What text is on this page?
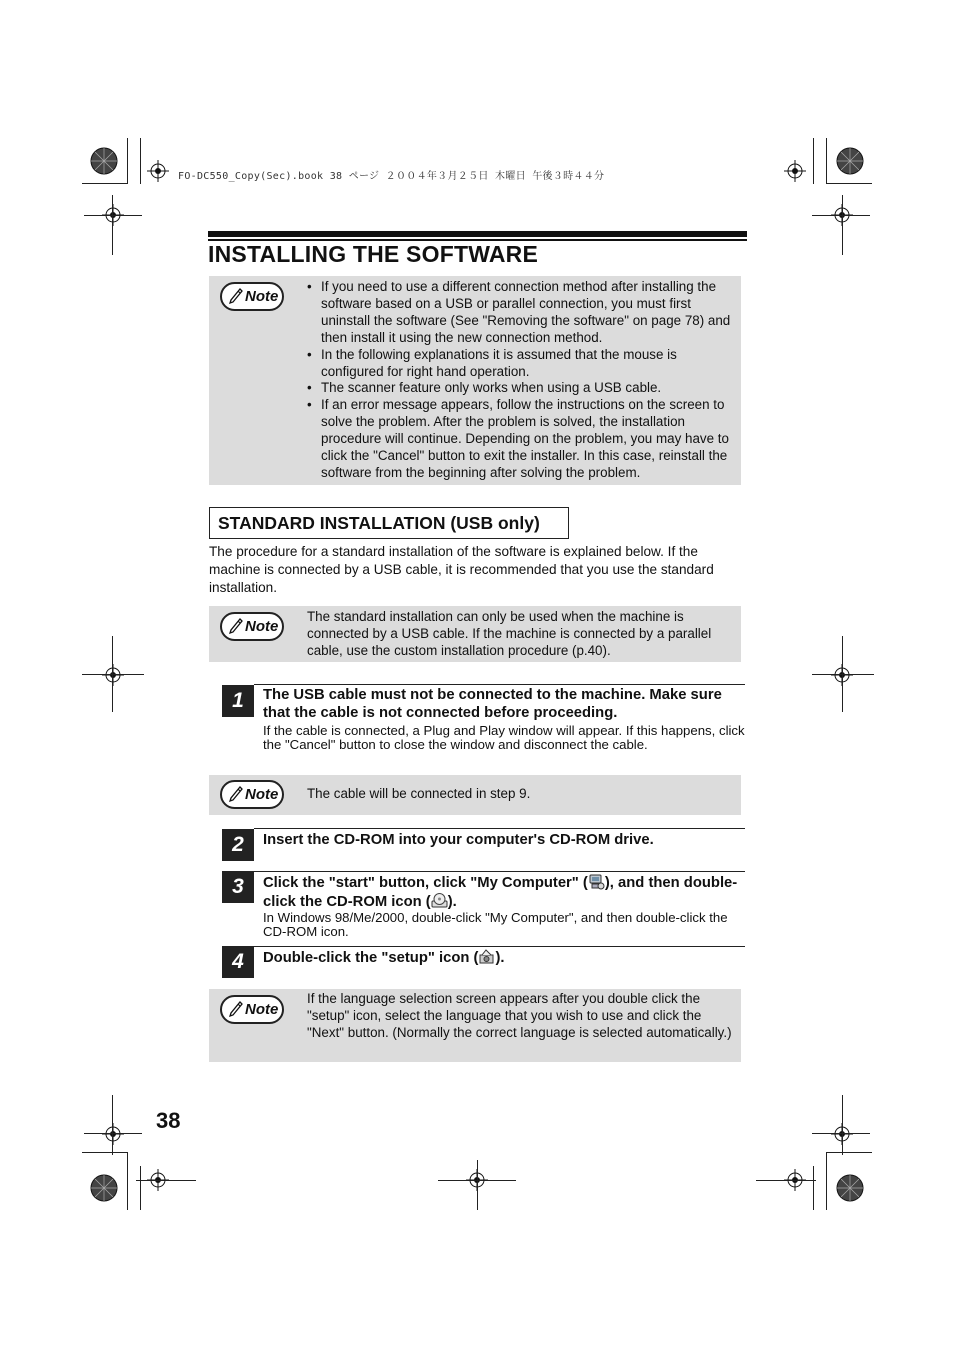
FO-DC550_Copy(Sec).book 38 ページ ２００４年３月２５日 木曜日 午後３時４４分
INSTALLING THE SOFTWARE
Note
• If you need to use a different connection method after installing the software based on a USB or parallel connection, you must first uninstall the software (See "Removing the software" on page 78) and then install it using the new connection method.
• In the following explanations it is assumed that the mouse is configured for right hand operation.
• The scanner feature only works when using a USB cable.
• If an error message appears, follow the instructions on the screen to solve the problem. After the problem is solved, the installation procedure will continue. Depending on the problem, you may have to click the "Cancel" button to exit the installer. In this case, reinstall the software from the beginning after solving the problem.
STANDARD INSTALLATION (USB only)
The procedure for a standard installation of the software is explained below. If the machine is connected by a USB cable, it is recommended that you use the standard installation.
Note
The standard installation can only be used when the machine is connected by a USB cable. If the machine is connected by a parallel cable, use the custom installation procedure (p.40).
1	The USB cable must not be connected to the machine. Make sure that the cable is not connected before proceeding.
If the cable is connected, a Plug and Play window will appear. If this happens, click the "Cancel" button to close the window and disconnect the cable.
Note The cable will be connected in step 9.
2	Insert the CD-ROM into your computer's CD-ROM drive.
3	Click the "start" button, click "My Computer" ( ), and then double-click the CD-ROM icon ( ).
In Windows 98/Me/2000, double-click "My Computer", and then double-click the CD-ROM icon.
4	Double-click the "setup" icon ( ).
Note
If the language selection screen appears after you double click the "setup" icon, select the language that you wish to use and click the "Next" button. (Normally the correct language is selected automatically.)
38
